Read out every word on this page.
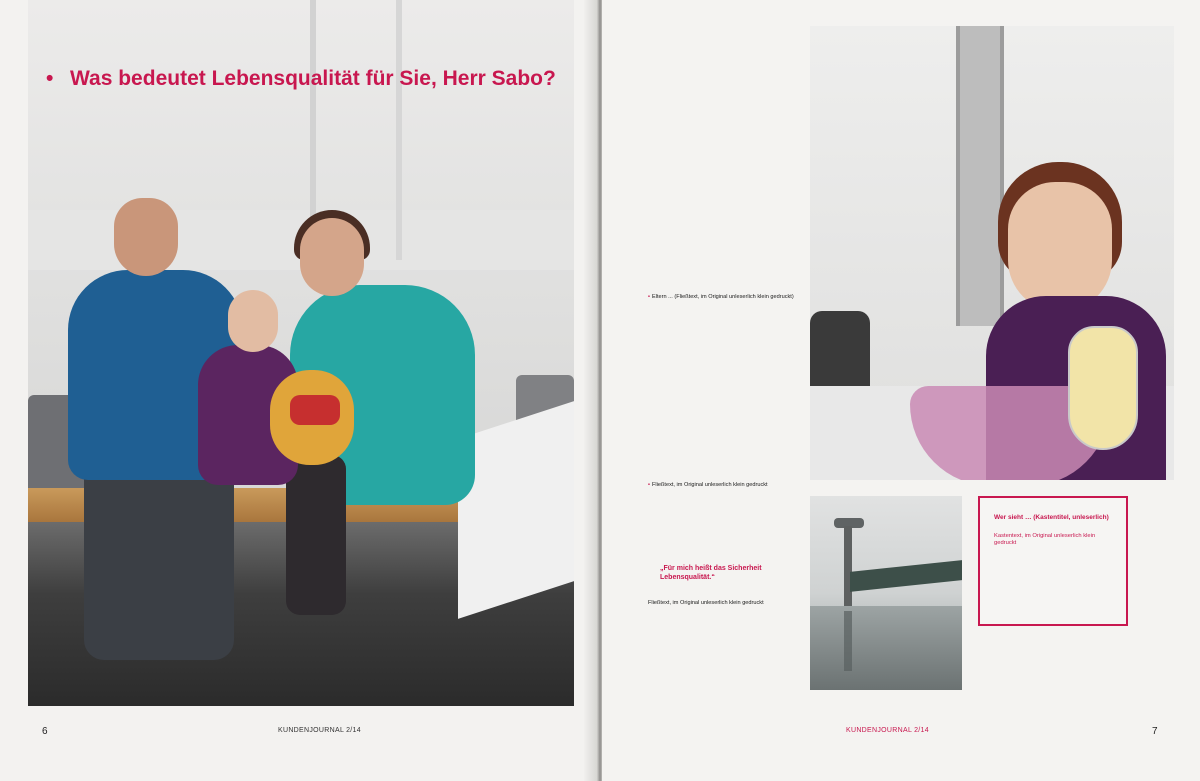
• Was bedeutet Lebensqualität für Sie, Herr Sabo?
6	KUNDENJOURNAL 2/14

• Eltern ... (Fließtext, im Original unleserlich klein gedruckt)

• Fließtext, im Original unleserlich klein gedruckt

„Für mich heißt das Sicherheit Lebensqualität.“

Fließtext, im Original unleserlich klein gedruckt

Wer sieht … (Kastentitel, unleserlich)
Kastentext, im Original unleserlich klein gedruckt
KUNDENJOURNAL 2/14	7
